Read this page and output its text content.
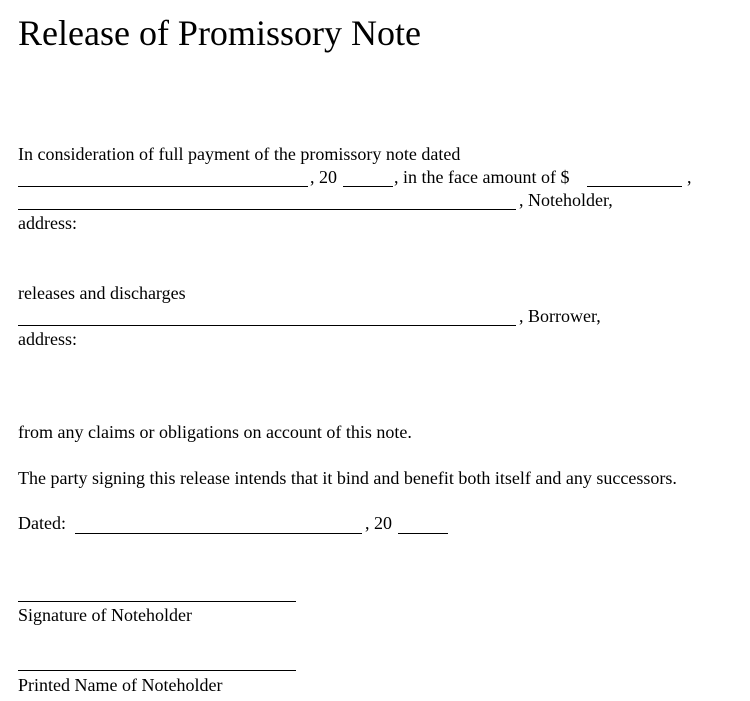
Release of Promissory Note
In consideration of full payment of the promissory note dated
, 20	, in the face amount of $	,
, Noteholder,
address:
releases and discharges
, Borrower,
address:
from any claims or obligations on account of this note.
The party signing this release intends that it bind and benefit both itself and any successors.
Dated:	, 20
Signature of Noteholder
Printed Name of Noteholder
